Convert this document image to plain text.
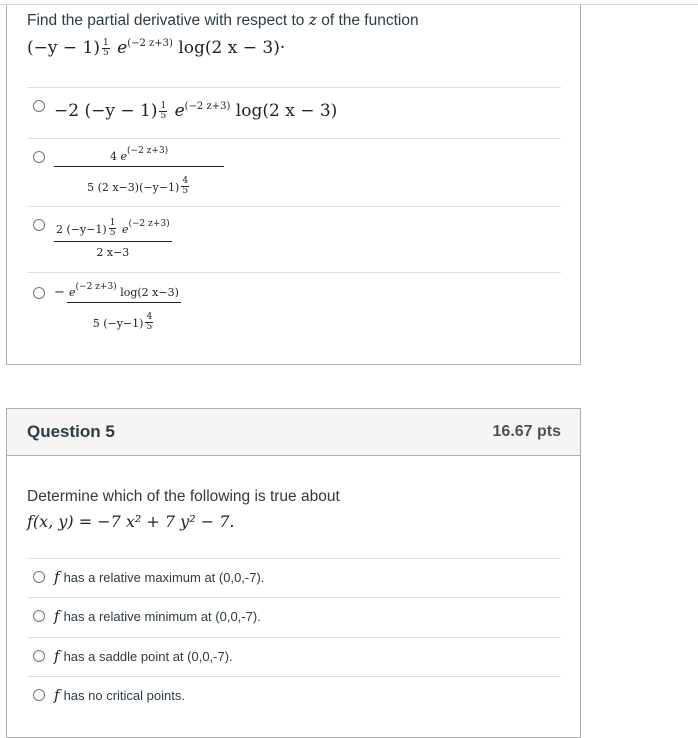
Find the partial derivative with respect to z of the function
$(-y - 1) \frac{1}{5} e^{(-2 z+3)}$ log(2 x − 3)·
−2 $(-y - 1) \frac{1}{5} e^{(-2 z+3)}$ log(2 x − 3)
$\frac{4 e^{(-2 z+3)}}{5 (2 x-3)(-y-1) \frac{4}{5}}$
$\frac{2 (-y-1) \frac{1}{5} e^{(-2 z+3)}}{2 x-3}$
− $\frac{e^{(-2 z+3)} \log(2 x-3)}{5 (-y-1) \frac{4}{5}}$
Question 5	16.67 pts
Determine which of the following is true about
f(x, y) = −7 x² + 7 y² − 7.
f has a relative maximum at (0,0,-7).
f has a relative minimum at (0,0,-7).
f has a saddle point at (0,0,-7).
f has no critical points.
